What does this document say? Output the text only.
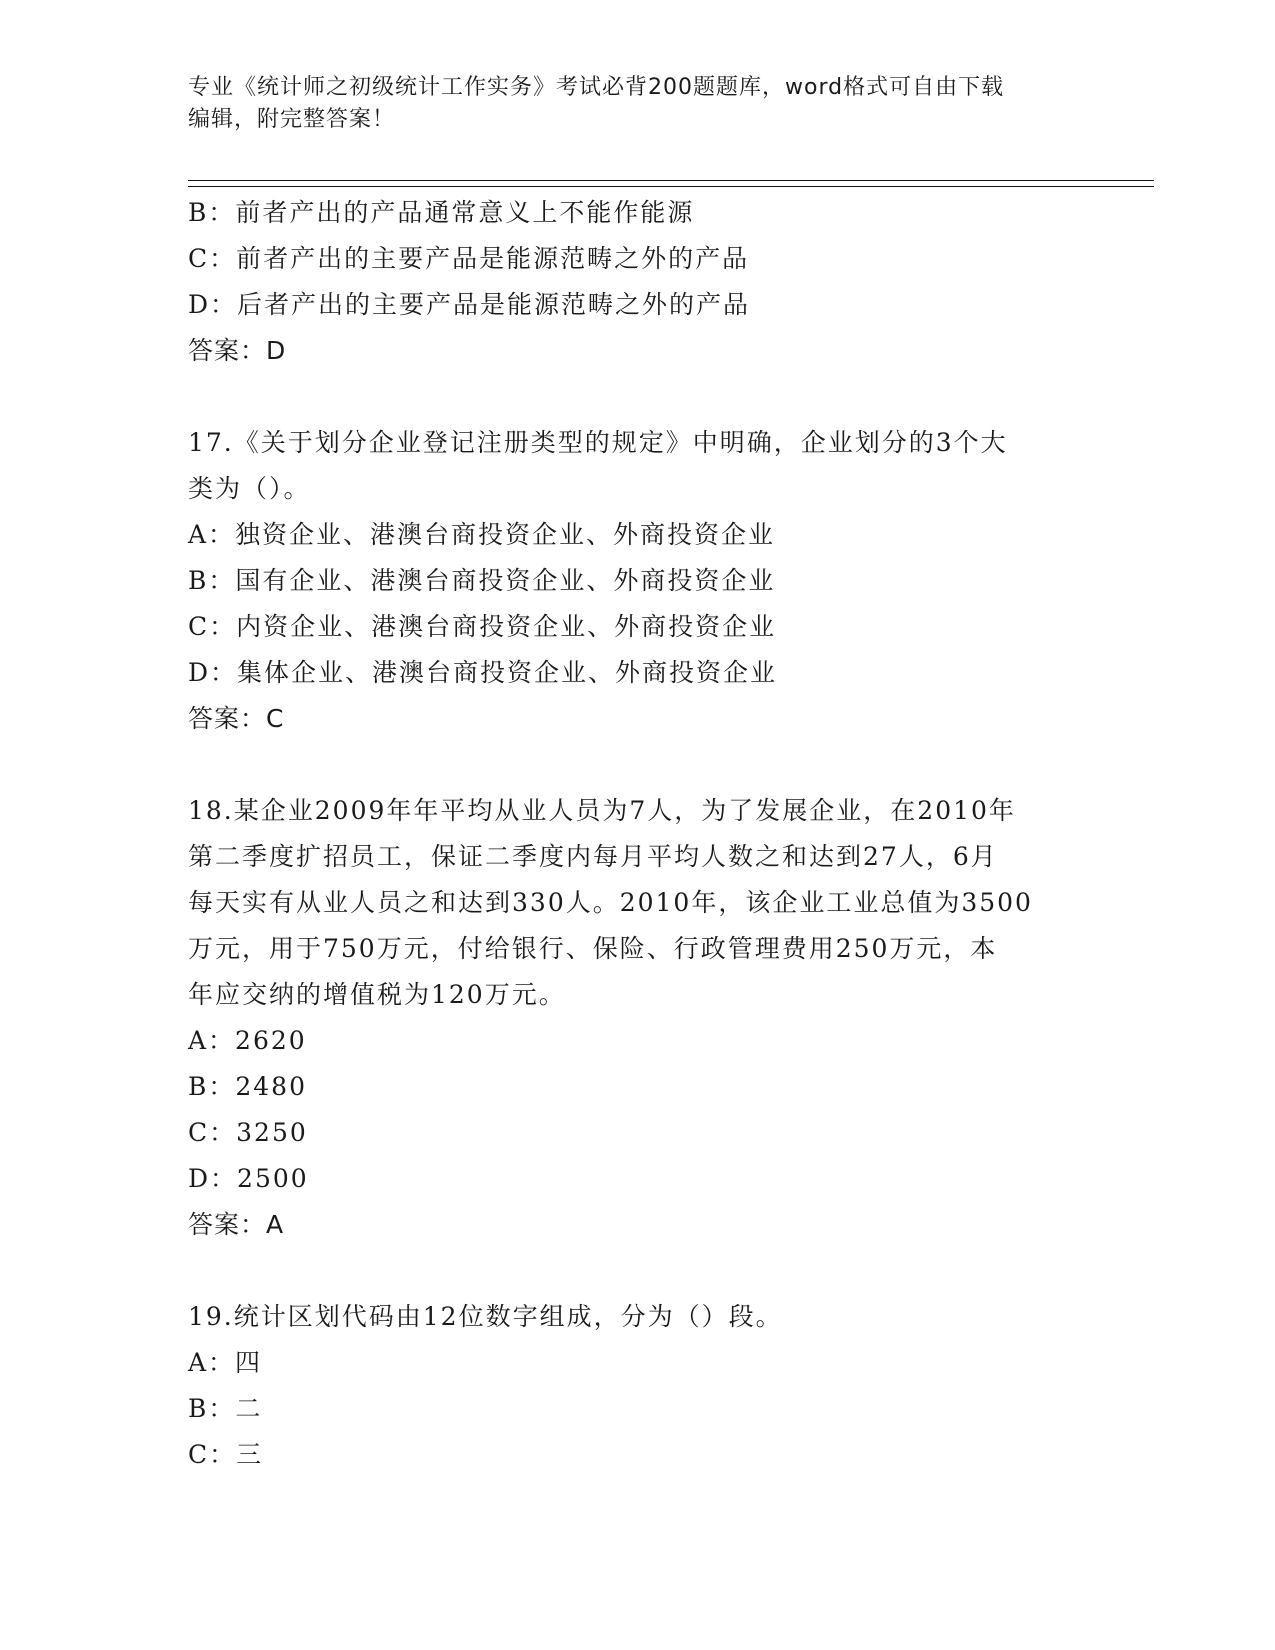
专业《统计师之初级统计工作实务》考试必背200题题库，word格式可自由下载
编辑，附完整答案！
B：前者产出的产品通常意义上不能作能源
C：前者产出的主要产品是能源范畴之外的产品
D：后者产出的主要产品是能源范畴之外的产品
答案：D
17.《关于划分企业登记注册类型的规定》中明确，企业划分的3个大
类为（）。
A：独资企业、港澳台商投资企业、外商投资企业
B：国有企业、港澳台商投资企业、外商投资企业
C：内资企业、港澳台商投资企业、外商投资企业
D：集体企业、港澳台商投资企业、外商投资企业
答案：C
18.某企业2009年年平均从业人员为7人，为了发展企业，在2010年
第二季度扩招员工，保证二季度内每月平均人数之和达到27人，6月
每天实有从业人员之和达到330人。2010年，该企业工业总值为3500
万元，用于750万元，付给银行、保险、行政管理费用250万元，本
年应交纳的增值税为120万元。
A：2620
B：2480
C：3250
D：2500
答案：A
19.统计区划代码由12位数字组成，分为（）段。
A：四
B：二
C：三
